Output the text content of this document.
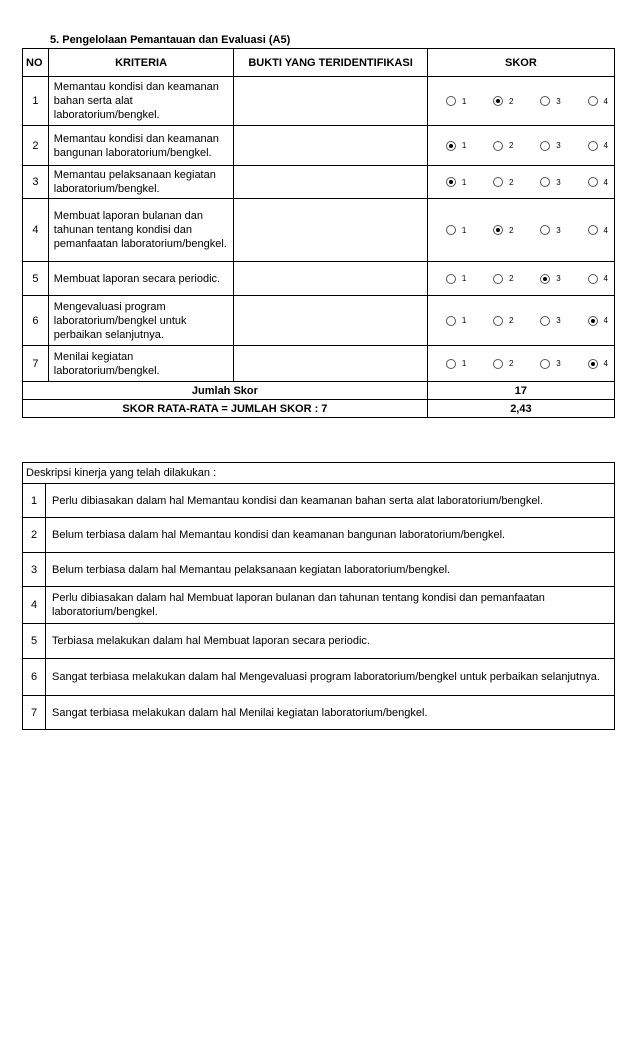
5. Pengelolaan Pemantauan dan Evaluasi (A5)
NO	KRITERIA	BUKTI YANG TERIDENTIFIKASI	SKOR
1	Memantau kondisi dan keamanan bahan serta alat laboratorium/bengkel.		1 2 3 4

2	Memantau kondisi dan keamanan bangunan laboratorium/bengkel.		1 2 3 4

3	Memantau pelaksanaan kegiatan laboratorium/bengkel.		1 2 3 4

4	Membuat laporan bulanan dan tahunan tentang kondisi dan pemanfaatan laboratorium/bengkel.		1 2 3 4

5	Membuat laporan secara periodic.		1 2 3 4

6	Mengevaluasi program laboratorium/bengkel untuk perbaikan selanjutnya.		1 2 3 4

7	Menilai kegiatan laboratorium/bengkel.		1 2 3 4

Jumlah Skor			17
SKOR RATA-RATA = JUMLAH SKOR : 7			2,43
Deskripsi kinerja yang telah dilakukan :	
1	Perlu dibiasakan dalam hal Memantau kondisi dan keamanan bahan serta alat laboratorium/bengkel.
2	Belum terbiasa dalam hal Memantau kondisi dan keamanan bangunan laboratorium/bengkel.
3	Belum terbiasa dalam hal Memantau pelaksanaan kegiatan laboratorium/bengkel.
4	Perlu dibiasakan dalam hal Membuat laporan bulanan dan tahunan tentang kondisi dan pemanfaatan laboratorium/bengkel.
5	Terbiasa melakukan dalam hal Membuat laporan secara periodic.
6	Sangat terbiasa melakukan dalam hal Mengevaluasi program laboratorium/bengkel untuk perbaikan selanjutnya.
7	Sangat terbiasa melakukan dalam hal Menilai kegiatan laboratorium/bengkel.
